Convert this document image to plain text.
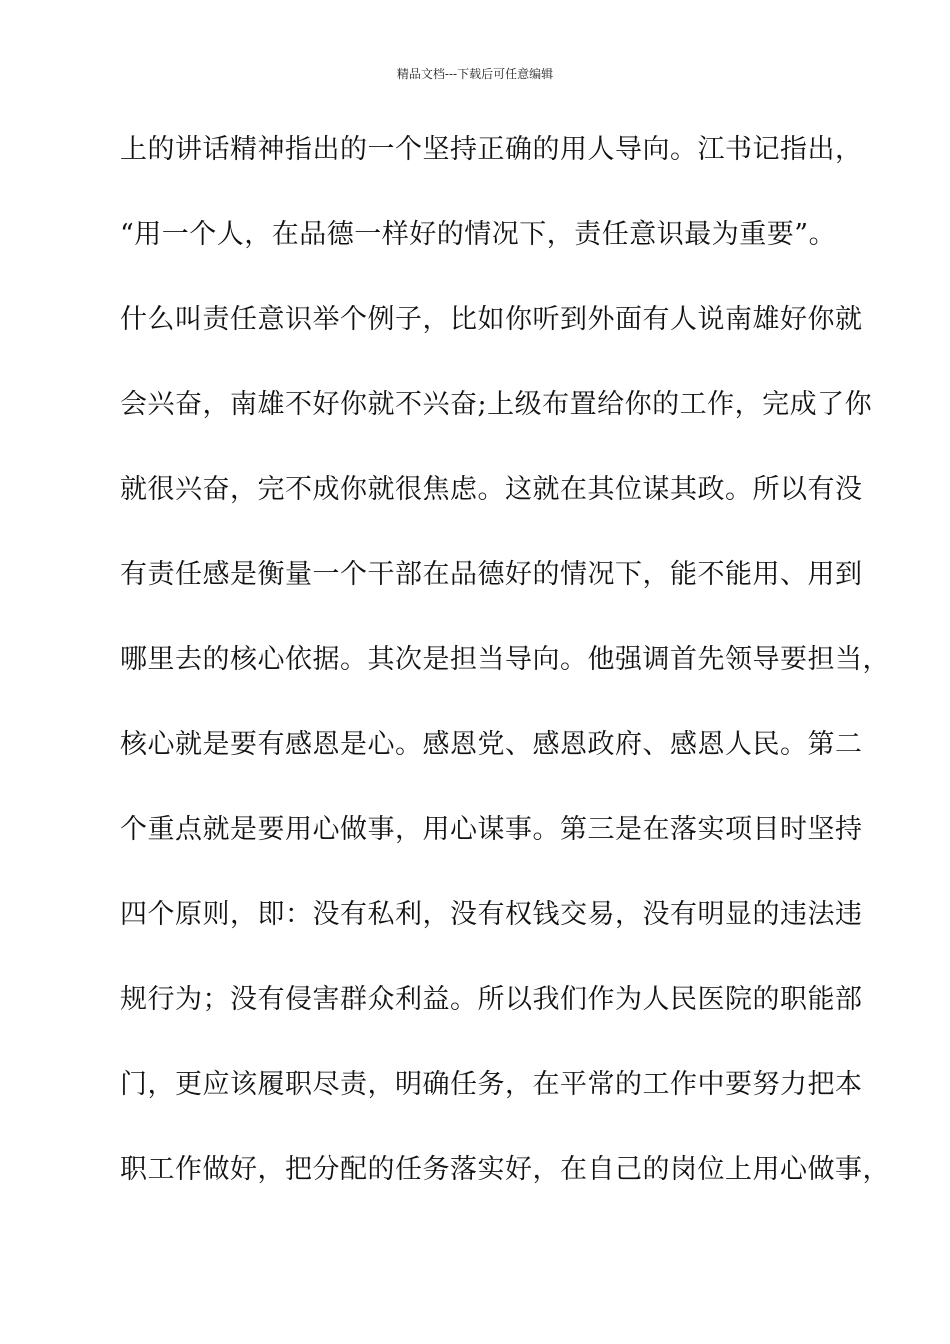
精品文档---下载后可任意编辑
上的讲话精神指出的一个坚持正确的用人导向。江书记指出，
“用一个人，在品德一样好的情况下，责任意识最为重要”。
什么叫责任意识举个例子，比如你听到外面有人说南雄好你就
会兴奋，南雄不好你就不兴奋;上级布置给你的工作，完成了你
就很兴奋，完不成你就很焦虑。这就在其位谋其政。所以有没
有责任感是衡量一个干部在品德好的情况下，能不能用、用到
哪里去的核心依据。其次是担当导向。他强调首先领导要担当，
核心就是要有感恩是心。感恩党、感恩政府、感恩人民。第二
个重点就是要用心做事，用心谋事。第三是在落实项目时坚持
四个原则，即：没有私利，没有权钱交易，没有明显的违法违
规行为；没有侵害群众利益。所以我们作为人民医院的职能部
门，更应该履职尽责，明确任务，在平常的工作中要努力把本
职工作做好，把分配的任务落实好，在自己的岗位上用心做事，
